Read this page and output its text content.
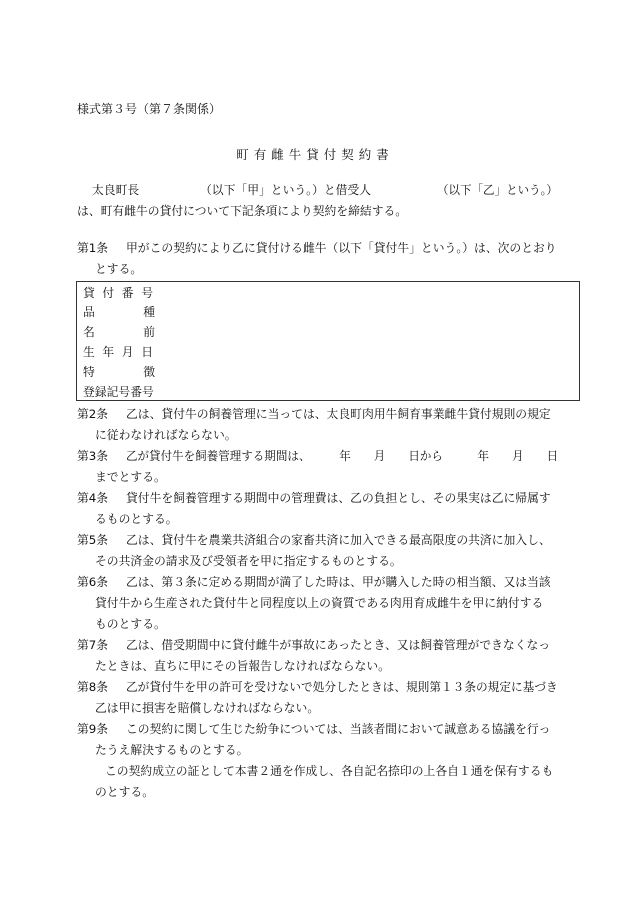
様式第３号（第７条関係）
町有雌牛貸付契約書
太良町長	（以下「甲」という。）と借受人	（以下「乙」という。）
は、町有雌牛の貸付について下記条項により契約を締結する。
第1条 甲がこの契約により乙に貸付ける雌牛（以下「貸付牛」という。）は、次のとおり
とする。
貸付番号
品種
名前
生年月日
特徴
登録記号番号
第2条 乙は、貸付牛の飼養管理に当っては、太良町肉用牛飼育事業雌牛貸付規則の規定
に従わなければならない。
第3条 乙が貸付牛を飼養管理する期間は、　　　年　　月　　日から　　　年　　月　　日
までとする。
第4条 貸付牛を飼養管理する期間中の管理費は、乙の負担とし、その果実は乙に帰属す
るものとする。
第5条 乙は、貸付牛を農業共済組合の家畜共済に加入できる最高限度の共済に加入し、
その共済金の請求及び受領者を甲に指定するものとする。
第6条 乙は、第３条に定める期間が満了した時は、甲が購入した時の相当額、又は当該
貸付牛から生産された貸付牛と同程度以上の資質である肉用育成雌牛を甲に納付する
ものとする。
第7条 乙は、借受期間中に貸付雌牛が事故にあったとき、又は飼養管理ができなくなっ
たときは、直ちに甲にその旨報告しなければならない。
第8条 乙が貸付牛を甲の許可を受けないで処分したときは、規則第１３条の規定に基づき
乙は甲に損害を賠償しなければならない。
第9条 この契約に関して生じた紛争については、当該者間において誠意ある協議を行っ
たうえ解決するものとする。
この契約成立の証として本書２通を作成し、各自記名捺印の上各自１通を保有するも
のとする。
